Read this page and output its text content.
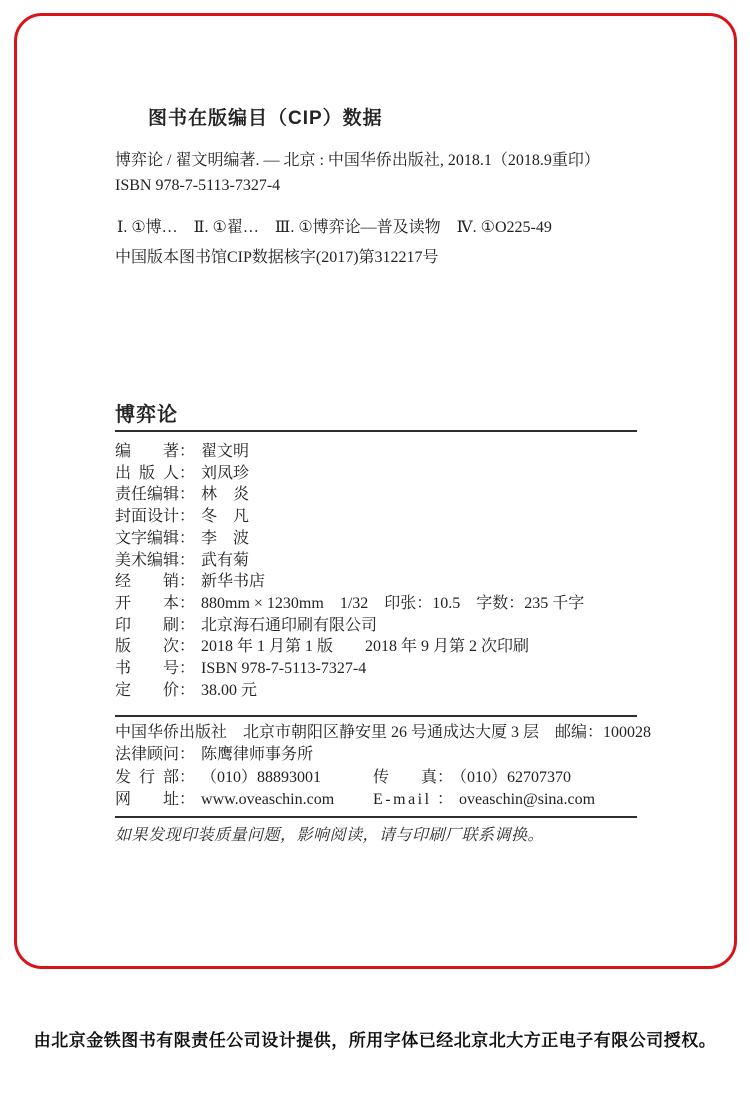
图书在版编目（CIP）数据
博弈论 / 翟文明编著. — 北京 : 中国华侨出版社, 2018.1（2018.9重印）
ISBN 978-7-5113-7327-4
Ⅰ. ①博…　Ⅱ. ①翟…　Ⅲ. ①博弈论—普及读物　Ⅳ. ①O225-49
中国版本图书馆CIP数据核字(2017)第312217号
博弈论
编著： 翟文明
出版人： 刘凤珍
责任编辑： 林　炎
封面设计： 冬　凡
文字编辑： 李　波
美术编辑： 武有菊
经销： 新华书店
开本： 880mm × 1230mm　1/32　印张：10.5　字数：235 千字
印刷： 北京海石通印刷有限公司
版次： 2018 年 1 月第 1 版　　2018 年 9 月第 2 次印刷
书号： ISBN 978-7-5113-7327-4
定价： 38.00 元
中国华侨出版社　北京市朝阳区静安里 26 号通成达大厦 3 层　邮编：100028
法律顾问： 陈鹰律师事务所
发行部： （010）88893001	传真： （010）62707370
网址： www.oveaschin.com E-mail ： oveaschin@sina.com
如果发现印装质量问题，影响阅读，请与印刷厂联系调换。
由北京金铁图书有限责任公司设计提供，所用字体已经北京北大方正电子有限公司授权。
